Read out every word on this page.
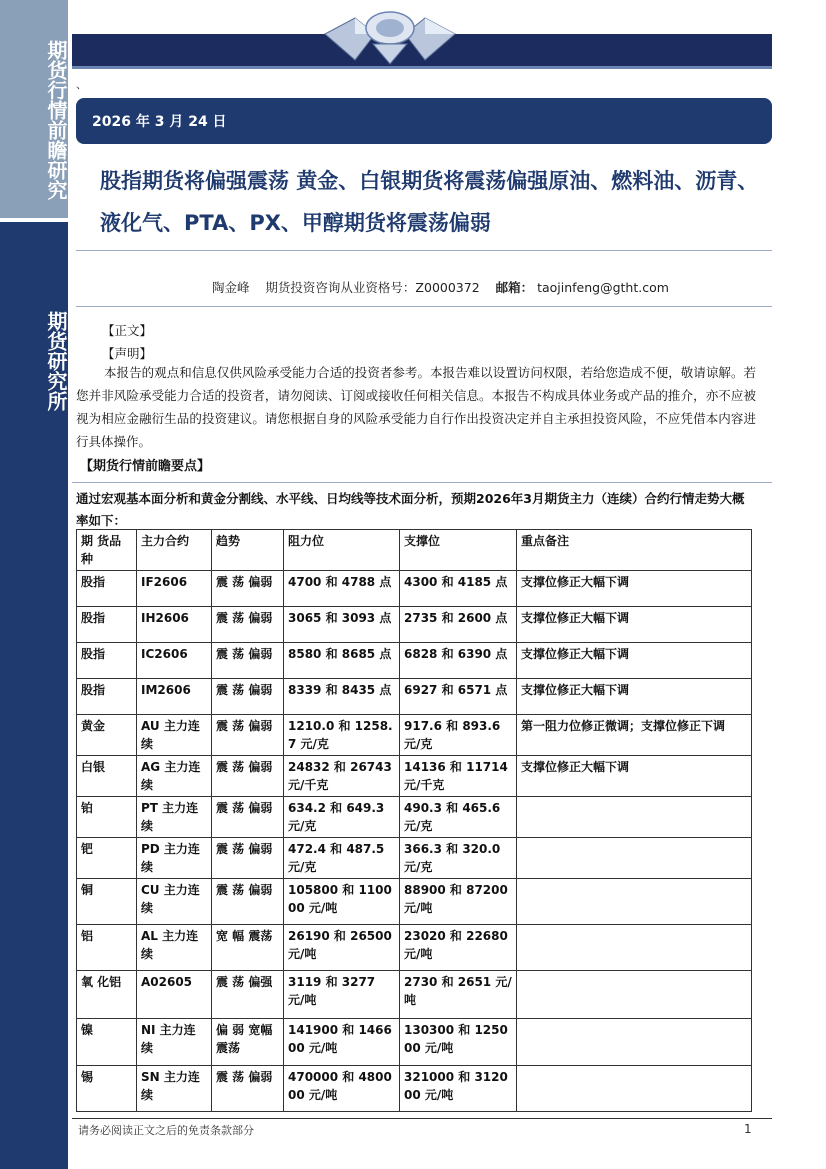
期货行情前瞻研究
期货研究所
、
2026 年 3 月 24 日
股指期货将偏强震荡 黄金、白银期货将震荡偏强原油、燃料油、沥青、液化气、PTA、PX、甲醇期货将震荡偏弱
陶金峰 期货投资咨询从业资格号：Z0000372 邮箱： taojinfeng@gtht.com
【正文】
【声明】
本报告的观点和信息仅供风险承受能力合适的投资者参考。本报告难以设置访问权限，若给您造成不便，敬请谅解。若您并非风险承受能力合适的投资者，请勿阅读、订阅或接收任何相关信息。本报告不构成具体业务或产品的推介，亦不应被视为相应金融衍生品的投资建议。请您根据自身的风险承受能力自行作出投资决定并自主承担投资风险，不应凭借本内容进行具体操作。
【期货行情前瞻要点】
通过宏观基本面分析和黄金分割线、水平线、日均线等技术面分析，预期2026年3月期货主力（连续）合约行情走势大概率如下：
期 货品种	主力合约	趋势	阻力位	支撑位	重点备注
股指	IF2606	震 荡 偏弱	4700 和 4788 点	4300 和 4185 点	支撑位修正大幅下调
股指	IH2606	震 荡 偏弱	3065 和 3093 点	2735 和 2600 点	支撑位修正大幅下调
股指	IC2606	震 荡 偏弱	8580 和 8685 点	6828 和 6390 点	支撑位修正大幅下调
股指	IM2606	震 荡 偏弱	8339 和 8435 点	6927 和 6571 点	支撑位修正大幅下调
黄金	AU 主力连续	震 荡 偏弱	1210.0 和 1258.7 元/克	917.6 和 893.6 元/克	第一阻力位修正微调；支撑位修正下调
白银	AG 主力连续	震 荡 偏弱	24832 和 26743 元/千克	14136 和 11714 元/千克	支撑位修正大幅下调
铂	PT 主力连续	震 荡 偏弱	634.2 和 649.3 元/克	490.3 和 465.6 元/克	
钯	PD 主力连续	震 荡 偏弱	472.4 和 487.5 元/克	366.3 和 320.0 元/克	
铜	CU 主力连续	震 荡 偏弱	105800 和 110000 元/吨	88900 和 87200 元/吨	
铝	AL 主力连续	宽 幅 震荡	26190 和 26500 元/吨	23020 和 22680 元/吨	
氧 化铝	A02605	震 荡 偏强	3119 和 3277 元/吨	2730 和 2651 元/吨	
镍	NI 主力连续	偏 弱 宽幅震荡	141900 和 146600 元/吨	130300 和 125000 元/吨	
锡	SN 主力连续	震 荡 偏弱	470000 和 480000 元/吨	321000 和 312000 元/吨	
请务必阅读正文之后的免责条款部分	1
